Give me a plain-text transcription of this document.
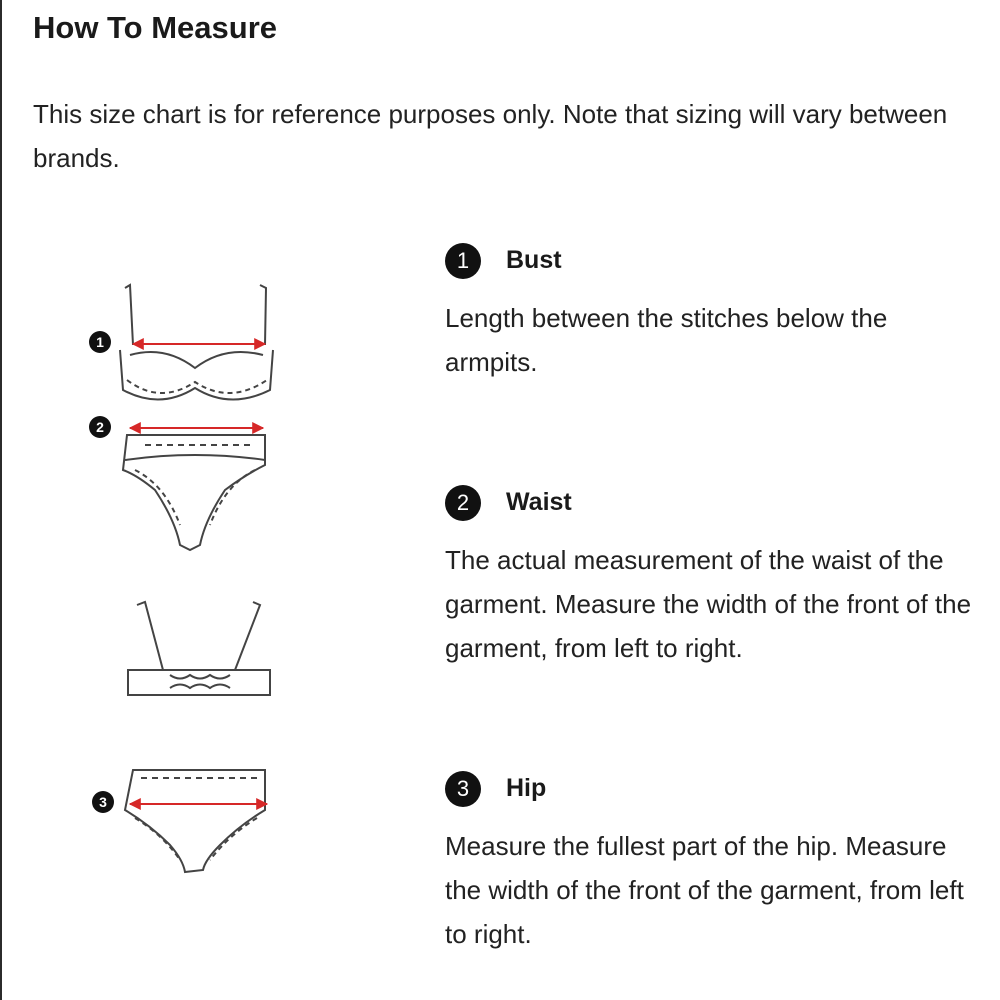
How To Measure

This size chart is for reference purposes only. Note that sizing will vary between brands.

1
2
3
1	Bust

Length between the stitches below the armpits.

2	Waist

The actual measurement of the waist of the garment. Measure the width of the front of the garment, from left to right.

3	Hip

Measure the fullest part of the hip. Measure the width of the front of the garment, from left to right.
